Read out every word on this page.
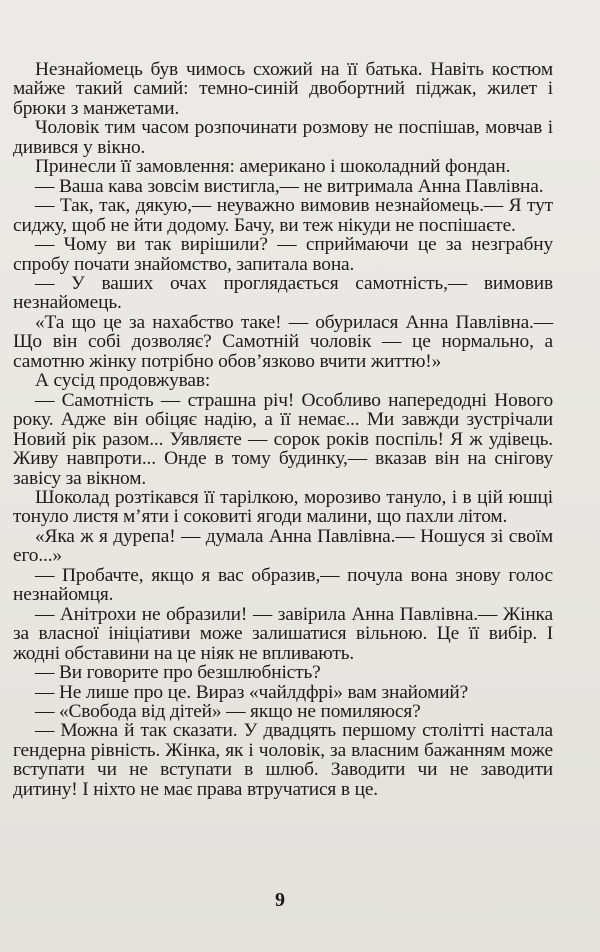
Незнайомець був чимось схожий на її батька. Навіть костюм майже такий самий: темно-синій двобортний піджак, жилет і брюки з манжетами.

Чоловік тим часом розпочинати розмову не поспішав, мовчав і дивився у вікно.

Принесли її замовлення: американо і шоколадний фондан.

— Ваша кава зовсім вистигла,— не витримала Анна Павлівна.

— Так, так, дякую,— неуважно вимовив незнайомець.— Я тут сиджу, щоб не йти додому. Бачу, ви теж нікуди не поспішаєте.

— Чому ви так вирішили? — сприймаючи це за незграбну спробу почати знайомство, запитала вона.

— У ваших очах проглядається самотність,— вимовив незнайомець.

«Та що це за нахабство таке! — обурилася Анна Павлівна.— Що він собі дозволяє? Самотній чоловік — це нормально, а самотню жінку потрібно обов’язково вчити життю!»

А сусід продовжував:

— Самотність — страшна річ! Особливо напередодні Нового року. Адже він обіцяє надію, а її немає... Ми завжди зустрічали Новий рік разом... Уявляєте — сорок років поспіль! Я ж удівець. Живу навпроти... Онде в тому будинку,— вказав він на снігову завісу за вікном.

Шоколад розтікався її тарілкою, морозиво тануло, і в цій юшці тонуло листя м’яти і соковиті ягоди малини, що пахли літом.

«Яка ж я дурепа! — думала Анна Павлівна.— Ношуся зі своїм его...»

— Пробачте, якщо я вас образив,— почула вона знову голос незнайомця.

— Анітрохи не образили! — завірила Анна Павлівна.— Жінка за власної ініціативи може залишатися вільною. Це її вибір. І жодні обставини на це ніяк не впливають.

— Ви говорите про безшлюбність?

— Не лише про це. Вираз «чайлдфрі» вам знайомий?

— «Свобода від дітей» — якщо не помиляюся?

— Можна й так сказати. У двадцять першому столітті настала гендерна рівність. Жінка, як і чоловік, за власним бажанням може вступати чи не вступати в шлюб. Заводити чи не заводити дитину! І ніхто не має права втручатися в це.

9
